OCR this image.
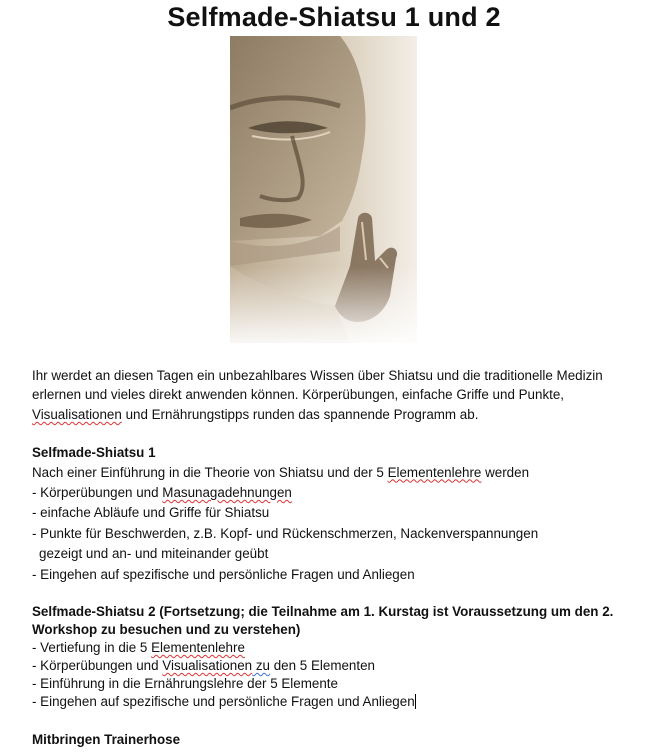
Selfmade-Shiatsu 1 und 2

Ihr werdet an diesen Tagen ein unbezahlbares Wissen über Shiatsu und die traditionelle Medizin
erlernen und vieles direkt anwenden können. Körperübungen, einfache Griffe und Punkte,
Visualisationen und Ernährungstipps runden das spannende Programm ab.

Selfmade-Shiatsu 1

Nach einer Einführung in die Theorie von Shiatsu und der 5 Elementenlehre werden

- Körperübungen und Masunagadehnungen

- einfache Abläufe und Griffe für Shiatsu

- Punkte für Beschwerden, z.B. Kopf- und Rückenschmerzen, Nackenverspannungen

gezeigt und an- und miteinander geübt

- Eingehen auf spezifische und persönliche Fragen und Anliegen

Selfmade-Shiatsu 2 (Fortsetzung; die Teilnahme am 1. Kurstag ist Voraussetzung um den 2.
Workshop zu besuchen und zu verstehen)

- Vertiefung in die 5 Elementenlehre

- Körperübungen und Visualisationen zu den 5 Elementen

- Einführung in die Ernährungslehre der 5 Elemente

- Eingehen auf spezifische und persönliche Fragen und Anliegen

Mitbringen Trainerhose
